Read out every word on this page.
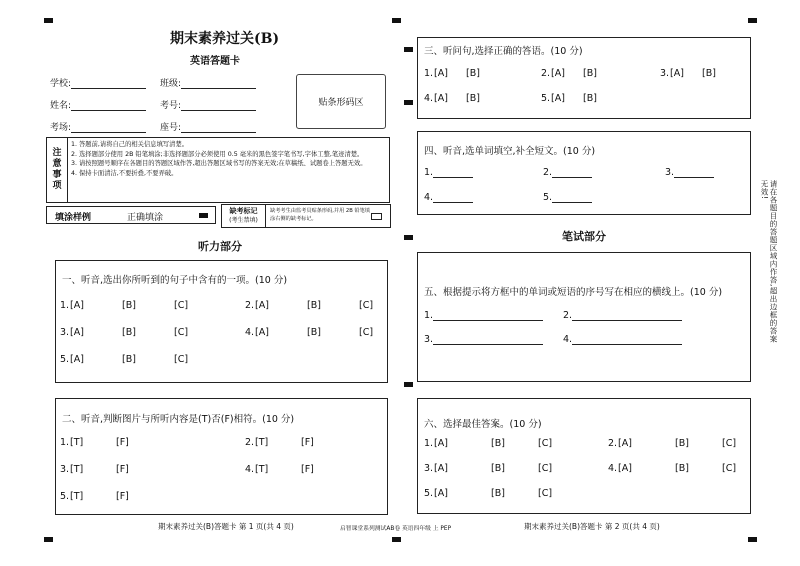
期末素养过关(B)
英语答题卡
学校:	班级:
姓名:	考号:
考场:	座号:
贴条形码区
注
意
事
项
1. 答题前,请将自己的相关信息填写清楚。
2. 选择题部分使用 2B 铅笔填涂;非选择题部分必须使用 0.5 毫米的黑色签字笔书写,字体工整,笔迹清楚。
3. 请按照题号顺序在各题目的答题区域作答,超出答题区域书写的答案无效;在草稿纸、试题卷上答题无效。
4. 保持卡面清洁,不要折叠,不要弄破。
填涂样例	正确填涂
缺考标记
(考生禁填)
缺考考生由监考员贴条形码,并用 2B 铅笔填涂右侧的缺考标记。
听力部分
一、听音,选出你所听到的句子中含有的一项。(10 分)
1. [A]	[B]	[C]	2. [A]	[B]	[C]
3. [A]	[B]	[C]	4. [A]	[B]	[C]
5. [A]	[B]	[C]
二、听音,判断图片与所听内容是(T)否(F)相符。(10 分)
1. [T]	[F]	2. [T]	[F]
3. [T]	[F]	4. [T]	[F]
5. [T]	[F]
三、听问句,选择正确的答语。(10 分)
1. [A] [B]	2. [A] [B]	3. [A] [B]
4. [A] [B]	5. [A] [B]
四、听音,选单词填空,补全短文。(10 分)
1.	2.	3.
4.	5.
笔试部分
五、根据提示将方框中的单词或短语的序号写在相应的横线上。(10 分)
1.	2.
3.	4.
六、选择最佳答案。(10 分)
1. [A]	[B]	[C]	2. [A]	[B]	[C]
3. [A]	[B]	[C]	4. [A]	[B]	[C]
5. [A]	[B]	[C]
请在各题目的答题区域内作答,超出边框的答案无效!
期末素养过关(B)答题卡 第 1 页(共 4 页)	启智课堂系列测试AB卷 英语四年级 上 PEP	期末素养过关(B)答题卡 第 2 页(共 4 页)
